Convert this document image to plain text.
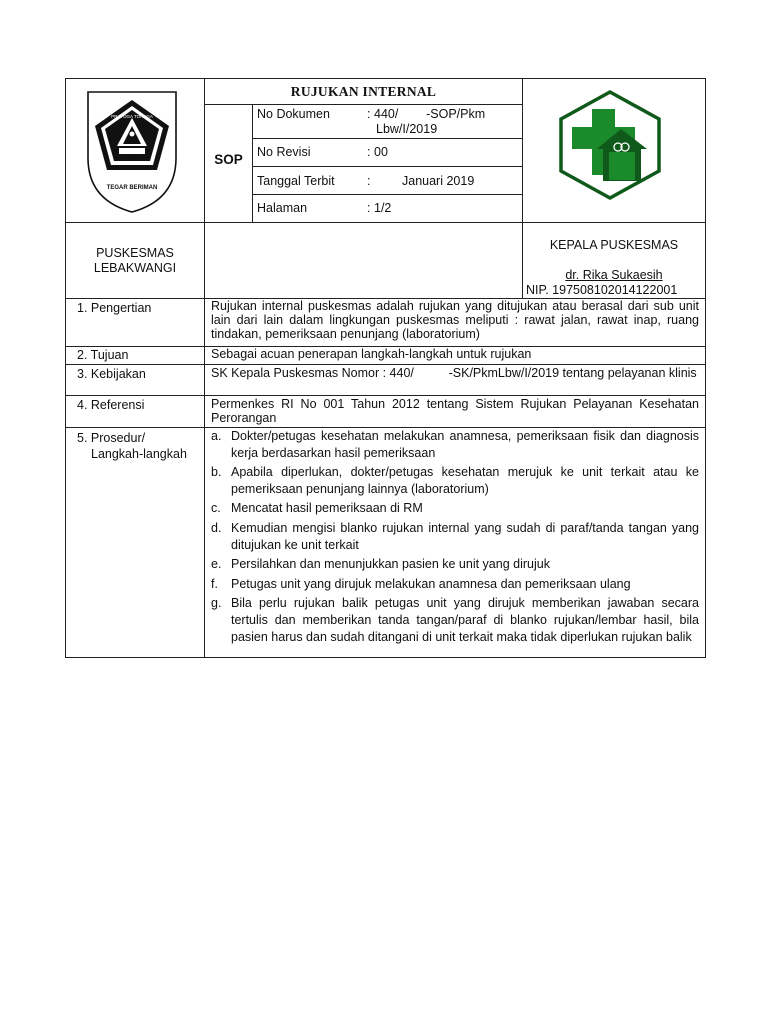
PRAYOGA TOHAGA
SAYAGA
TEGAR BERIMAN
RUJUKAN INTERNAL
SOP
No Dokumen	: 440/        -SOP/Pkm
Lbw/I/2019
No Revisi	: 00
Tanggal Terbit	:	Januari 2019
Halaman	: 1/2
PUSKESMAS
LEBAKWANGI
KEPALA PUSKESMAS
dr. Rika Sukaesih
NIP. 197508102014122001
1. Pengertian	Rujukan internal puskesmas adalah rujukan yang ditujukan atau berasal dari sub unit lain dari lain dalam lingkungan puskesmas meliputi : rawat jalan, rawat inap, ruang tindakan, pemeriksaan penunjang (laboratorium)
2. Tujuan	Sebagai acuan penerapan langkah-langkah untuk rujukan
3. Kebijakan	SK Kepala Puskesmas Nomor : 440/          -SK/PkmLbw/I/2019 tentang pelayanan klinis
4. Referensi	Permenkes RI No 001 Tahun 2012 tentang Sistem Rujukan Pelayanan Kesehatan Perorangan
5. Prosedur/
Langkah-langkah
a. Dokter/petugas kesehatan melakukan anamnesa, pemeriksaan fisik dan diagnosis kerja berdasarkan hasil pemeriksaan
b. Apabila diperlukan, dokter/petugas kesehatan merujuk ke unit terkait atau ke pemeriksaan penunjang lainnya (laboratorium)
c. Mencatat hasil pemeriksaan di RM
d. Kemudian mengisi blanko rujukan internal yang sudah di paraf/tanda tangan yang ditujukan ke unit terkait
e. Persilahkan dan menunjukkan pasien ke unit yang dirujuk
f. Petugas unit yang dirujuk melakukan anamnesa dan pemeriksaan ulang
g. Bila perlu rujukan balik petugas unit yang dirujuk memberikan jawaban secara tertulis dan memberikan tanda tangan/paraf di blanko rujukan/lembar hasil, bila pasien harus dan sudah ditangani di unit terkait maka tidak diperlukan rujukan balik
